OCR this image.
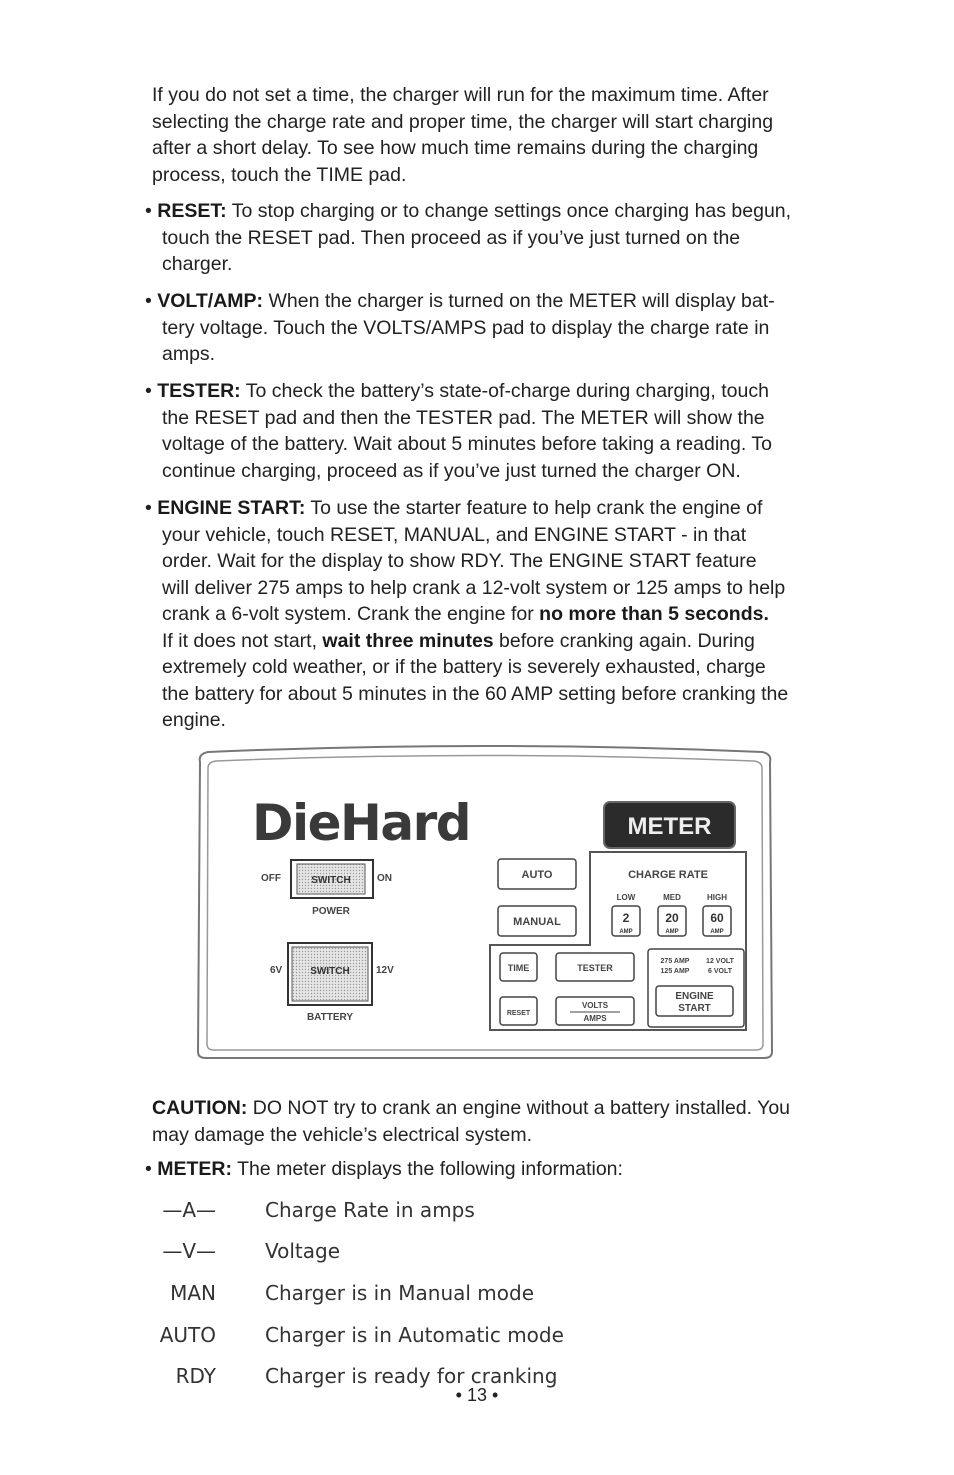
If you do not set a time, the charger will run for the maximum time. After
selecting the charge rate and proper time, the charger will start charging
after a short delay. To see how much time remains during the charging
process, touch the TIME pad.

• RESET: To stop charging or to change settings once charging has begun,
touch the RESET pad. Then proceed as if you’ve just turned on the
charger.

• VOLT/AMP: When the charger is turned on the METER will display bat-
tery voltage. Touch the VOLTS/AMPS pad to display the charge rate in
amps.

• TESTER: To check the battery’s state-of-charge during charging, touch
the RESET pad and then the TESTER pad. The METER will show the
voltage of the battery. Wait about 5 minutes before taking a reading. To
continue charging, proceed as if you’ve just turned the charger ON.

• ENGINE START: To use the starter feature to help crank the engine of
your vehicle, touch RESET, MANUAL, and ENGINE START - in that
order. Wait for the display to show RDY. The ENGINE START feature
will deliver 275 amps to help crank a 12-volt system or 125 amps to help
crank a 6-volt system. Crank the engine for no more than 5 seconds.
If it does not start, wait three minutes before cranking again. During
extremely cold weather, or if the battery is severely exhausted, charge
the battery for about 5 minutes in the 60 AMP setting before cranking the
engine.

DieHard	METER
OFF	SWITCH	ON
POWER
6V	SWITCH	12V
BATTERY
AUTO
MANUAL
CHARGE RATE
LOW	MED	HIGH
2
AMP
20
AMP
60
AMP
TIME	TESTER
RESET
VOLTS
AMPS
275 AMP
125 AMP
12 VOLT
6 VOLT
ENGINE
START

CAUTION: DO NOT try to crank an engine without a battery installed. You
may damage the vehicle’s electrical system.

• METER: The meter displays the following information:

—A— Charge Rate in amps
—V— Voltage
MAN Charger is in Manual mode
AUTO Charger is in Automatic mode
RDY Charger is ready for cranking
• 13 •
